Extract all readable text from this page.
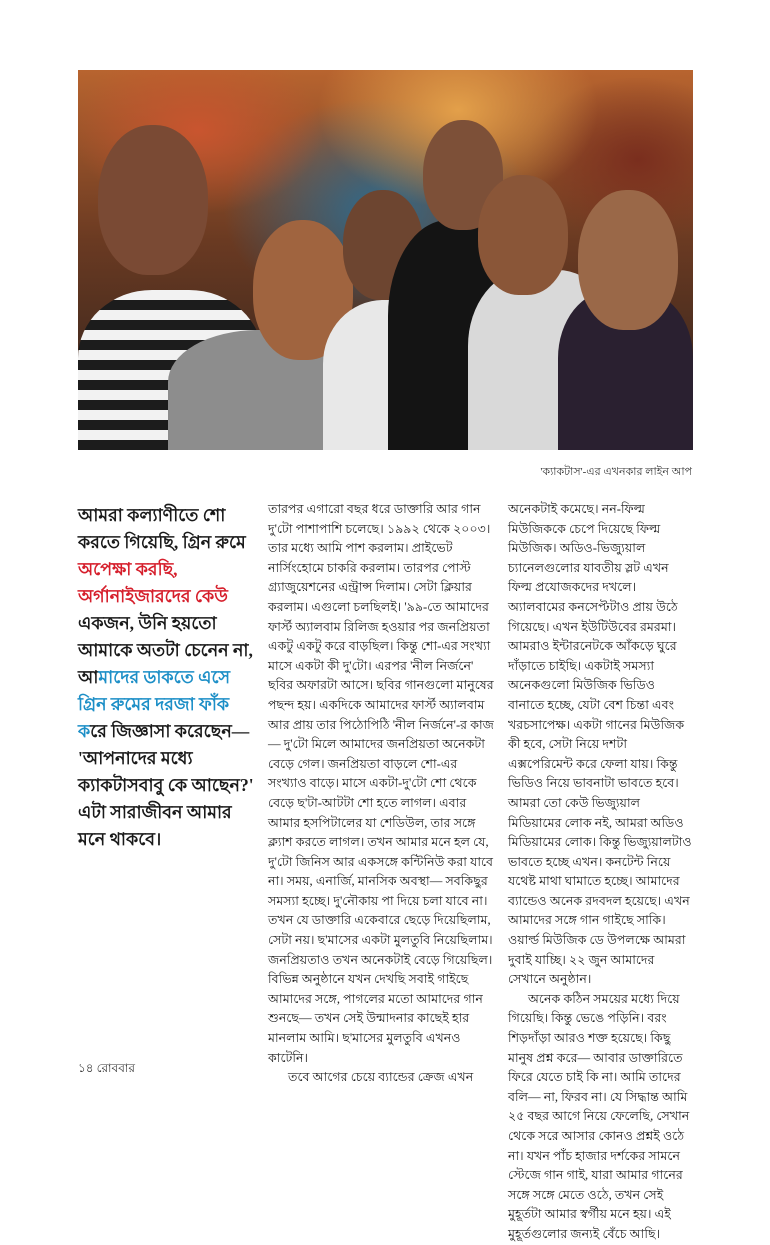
'ক্যাকটাস'-এর এখনকার লাইন আপ

আমরা কল্যাণীতে শো করতে গিয়েছি, গ্রিন রুমে অপেক্ষা করছি, অর্গানাইজারদের কেউ একজন, উনি হয়তো আমাকে অতটা চেনেন না, আমাদের ডাকতে এসে গ্রিন রুমের দরজা ফাঁক করে জিজ্ঞাসা করেছেন— 'আপনাদের মধ্যে ক্যাকটাসবাবু কে আছেন?' এটা সারাজীবন আমার মনে থাকবে।

তারপর এগারো বছর ধরে ডাক্তারি আর গান দু'টো পাশাপাশি চলেছে। ১৯৯২ থেকে ২০০৩। তার মধ্যে আমি পাশ করলাম। প্রাইভেট নার্সিংহোমে চাকরি করলাম। তারপর পোস্ট গ্র্যাজুয়েশনের এন্ট্রান্স দিলাম। সেটা ক্লিয়ার করলাম। এগুলো চলছিলই। '৯৯-তে আমাদের ফার্স্ট অ্যালবাম রিলিজ হওয়ার পর জনপ্রিয়তা একটু একটু করে বাড়ছিল। কিন্তু শো-এর সংখ্যা মাসে একটা কী দু'টো। এরপর 'নীল নির্জনে' ছবির অফারটা আসে। ছবির গানগুলো মানুষের পছন্দ হয়। একদিকে আমাদের ফার্স্ট অ্যালবাম আর প্রায় তার পিঠোপিঠি 'নীল নির্জনে'-র কাজ— দু'টো মিলে আমাদের জনপ্রিয়তা অনেকটা বেড়ে গেল। জনপ্রিয়তা বাড়লে শো-এর সংখ্যাও বাড়ে। মাসে একটা-দু'টো শো থেকে বেড়ে ছ'টা-আটটা শো হতে লাগল। এবার আমার হসপিটালের যা শেডিউল, তার সঙ্গে ক্ল্যাশ করতে লাগল। তখন আমার মনে হল যে, দু'টো জিনিস আর একসঙ্গে কন্টিনিউ করা যাবে না। সময়, এনার্জি, মানসিক অবস্থা— সবকিছুর সমস্যা হচ্ছে। দু'নৌকায় পা দিয়ে চলা যাবে না। তখন যে ডাক্তারি একেবারে ছেড়ে দিয়েছিলাম, সেটা নয়। ছ'মাসের একটা মুলতুবি নিয়েছিলাম। জনপ্রিয়তাও তখন অনেকটাই বেড়ে গিয়েছিল। বিভিন্ন অনুষ্ঠানে যখন দেখছি সবাই গাইছে আমাদের সঙ্গে, পাগলের মতো আমাদের গান শুনছে— তখন সেই উন্মাদনার কাছেই হার মানলাম আমি। ছ'মাসের মুলতুবি এখনও কাটেনি।

তবে আগের চেয়ে ব্যান্ডের ক্রেজ এখন

অনেকটাই কমেছে। নন-ফিল্ম মিউজিককে চেপে দিয়েছে ফিল্ম মিউজিক। অডিও-ভিজ্যুয়াল চ্যানেলগুলোর যাবতীয় স্লট এখন ফিল্ম প্রযোজকদের দখলে। অ্যালবামের কনসেপ্টটাও প্রায় উঠে গিয়েছে। এখন ইউটিউবের রমরমা। আমরাও ইন্টারনেটকে আঁকড়ে ঘুরে দাঁড়াতে চাইছি। একটাই সমস্যা অনেকগুলো মিউজিক ভিডিও বানাতে হচ্ছে, যেটা বেশ চিন্তা এবং খরচসাপেক্ষ। একটা গানের মিউজিক কী হবে, সেটা নিয়ে দশটা এক্সপেরিমেন্ট করে ফেলা যায়। কিন্তু ভিডিও নিয়ে ভাবনাটা ভাবতে হবে। আমরা তো কেউ ভিজ্যুয়াল মিডিয়ামের লোক নই, আমরা অডিও মিডিয়ামের লোক। কিন্তু ভিজ্যুয়ালটাও ভাবতে হচ্ছে এখন। কনটেন্ট নিয়ে যথেষ্ট মাথা ঘামাতে হচ্ছে। আমাদের ব্যান্ডেও অনেক রদবদল হয়েছে। এখন আমাদের সঙ্গে গান গাইছে সাকি। ওয়ার্ল্ড মিউজিক ডে উপলক্ষে আমরা দুবাই যাচ্ছি। ২২ জুন আমাদের সেখানে অনুষ্ঠান।

অনেক কঠিন সময়ের মধ্যে দিয়ে গিয়েছি। কিন্তু ভেঙে পড়িনি। বরং শিড়দাঁড়া আরও শক্ত হয়েছে। কিছু মানুষ প্রশ্ন করে— আবার ডাক্তারিতে ফিরে যেতে চাই কি না। আমি তাদের বলি— না, ফিরব না। যে সিদ্ধান্ত আমি ২৫ বছর আগে নিয়ে ফেলেছি, সেখান থেকে সরে আসার কোনও প্রশ্নই ওঠে না। যখন পাঁচ হাজার দর্শকের সামনে স্টেজে গান গাই, যারা আমার গানের সঙ্গে সঙ্গে মেতে ওঠে, তখন সেই মুহূর্তটা আমার স্বর্গীয় মনে হয়। এই মুহূর্তগুলোর জন্যই বেঁচে আছি।

১৪ রোববার
